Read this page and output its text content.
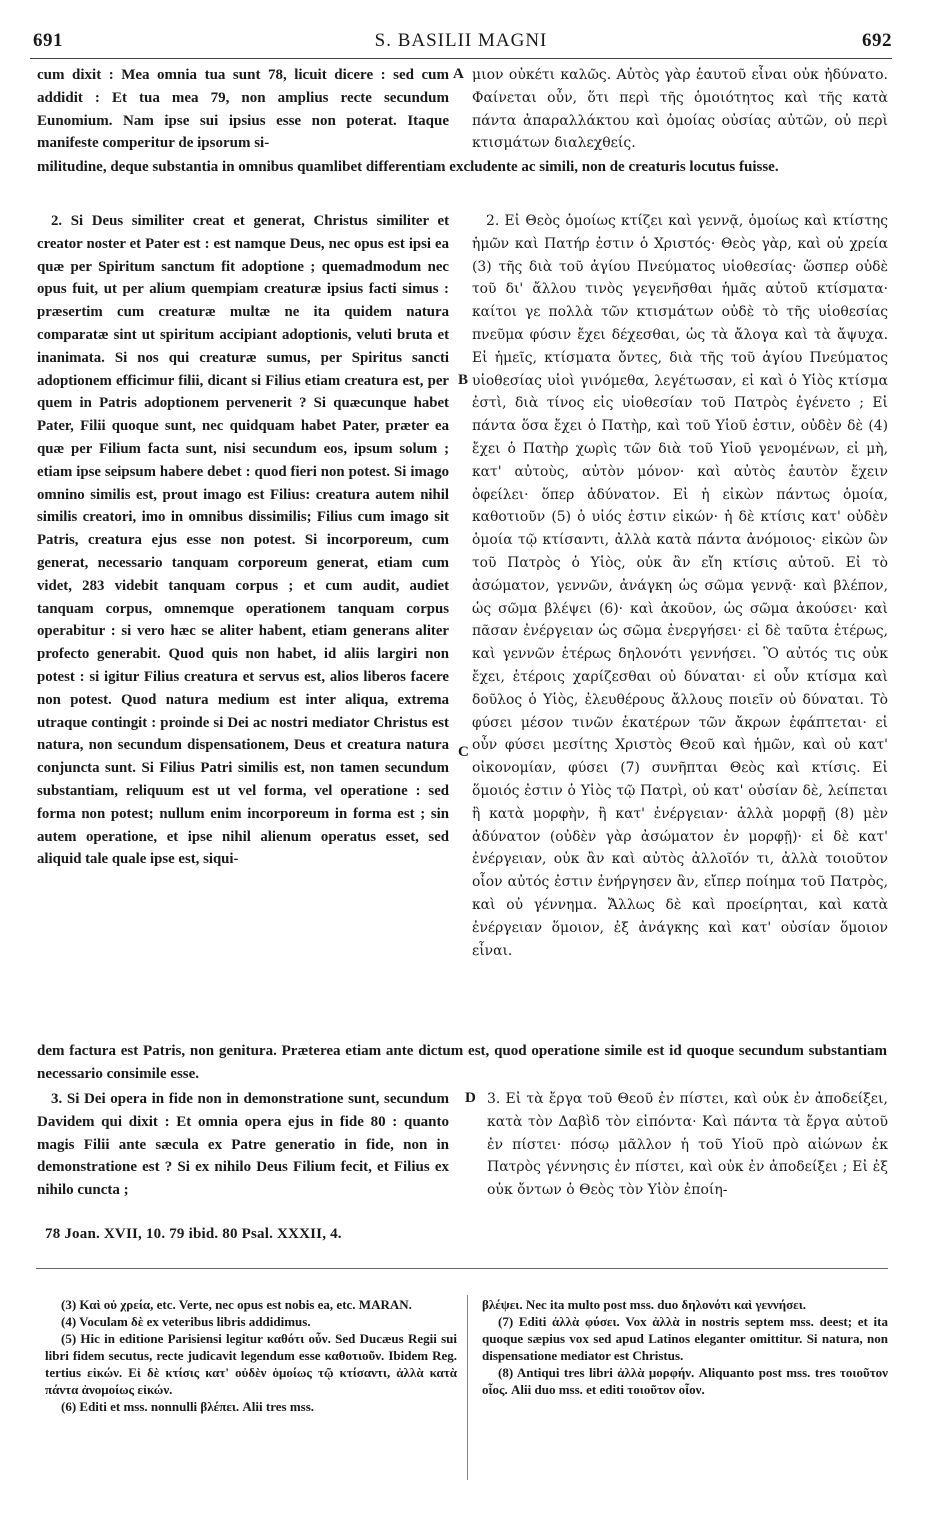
691	S. BASILII MAGNI	692

cum dixit : Mea omnia tua sunt 78, licuit dicere : sed cum addidit : Et tua mea 79, non amplius recte secundum Eunomium. Nam ipse sui ipsius esse non poterat. Itaque manifeste comperitur de ipsorum si-

A μιον οὐκέτι καλῶς. Αὐτὸς γὰρ ἑαυτοῦ εἶναι οὐκ ἠδύνατο. Φαίνεται οὖν, ὅτι περὶ τῆς ὁμοιότητος καὶ τῆς κατὰ πάντα ἀπαραλλάκτου καὶ ὁμοίας οὐσίας αὐτῶν, οὐ περὶ κτισμάτων διαλεχθείς.

militudine, deque substantia in omnibus quamlibet differentiam excludente ac simili, non de creaturis locutus fuisse.

2. Si Deus similiter creat et generat, Christus similiter et creator noster et Pater est : est namque Deus, nec opus est ipsi ea quæ per Spiritum sanctum fit adoptione ; quemadmodum nec opus fuit, ut per alium quempiam creaturæ ipsius facti simus : præsertim cum creaturæ multæ ne ita quidem natura comparatæ sint ut spiritum accipiant adoptionis, veluti bruta et inanimata. Si nos qui creaturæ sumus, per Spiritus sancti adoptionem efficimur filii, dicant si Filius etiam creatura est, per quem in Patris adoptionem pervenerit ? Si quæcunque habet Pater, Filii quoque sunt, nec quidquam habet Pater, præter ea quæ per Filium facta sunt, nisi secundum eos, ipsum solum ; etiam ipse seipsum habere debet : quod fieri non potest. Si imago omnino similis est, prout imago est Filius: creatura autem nihil similis creatori, imo in omnibus dissimilis; Filius cum imago sit Patris, creatura ejus esse non potest. Si incorporeum, cum generat, necessario tanquam corporeum generat, etiam cum videt, 283 videbit tanquam corpus ; et cum audit, audiet tanquam corpus, omnemque operationem tanquam corpus operabitur : si vero hæc se aliter habent, etiam generans aliter profecto generabit. Quod quis non habet, id aliis largiri non potest : si igitur Filius creatura et servus est, alios liberos facere non potest. Quod natura medium est inter aliqua, extrema utraque contingit : proinde si Dei ac nostri mediator Christus est natura, non secundum dispensationem, Deus et creatura natura conjuncta sunt. Si Filius Patri similis est, non tamen secundum substantiam, reliquum est ut vel forma, vel operatione : sed forma non potest; nullum enim incorporeum in forma est ; sin autem operatione, et ipse nihil alienum operatus esset, sed aliquid tale quale ipse est, siqui-

B
C

2. Εἰ Θεὸς ὁμοίως κτίζει καὶ γεννᾷ, ὁμοίως καὶ κτίστης ἡμῶν καὶ Πατήρ ἐστιν ὁ Χριστός· Θεὸς γὰρ, καὶ οὐ χρεία (3) τῆς διὰ τοῦ ἁγίου Πνεύματος υἱοθεσίας· ὥσπερ οὐδὲ τοῦ δι' ἄλλου τινὸς γεγενῆσθαι ἡμᾶς αὐτοῦ κτίσματα· καίτοι γε πολλὰ τῶν κτισμάτων οὐδὲ τὸ τῆς υἱοθεσίας πνεῦμα φύσιν ἔχει δέχεσθαι, ὡς τὰ ἄλογα καὶ τὰ ἄψυχα. Εἰ ἡμεῖς, κτίσματα ὄντες, διὰ τῆς τοῦ ἁγίου Πνεύματος υἱοθεσίας υἱοὶ γινόμεθα, λεγέτωσαν, εἰ καὶ ὁ Υἱὸς κτίσμα ἐστὶ, διὰ τίνος εἰς υἱοθεσίαν τοῦ Πατρὸς ἐγένετο ; Εἰ πάντα ὅσα ἔχει ὁ Πατὴρ, καὶ τοῦ Υἱοῦ ἐστιν, οὐδὲν δὲ (4) ἔχει ὁ Πατὴρ χωρὶς τῶν διὰ τοῦ Υἱοῦ γενομένων, εἰ μὴ, κατ' αὐτοὺς, αὐτὸν μόνον· καὶ αὐτὸς ἑαυτὸν ἔχειν ὀφείλει· ὅπερ ἀδύνατον. Εἰ ἡ εἰκὼν πάντως ὁμοία, καθοτιοῦν (5) ὁ υἱός ἐστιν εἰκών· ἡ δὲ κτίσις κατ' οὐδὲν ὁμοία τῷ κτίσαντι, ἀλλὰ κατὰ πάντα ἀνόμοιος· εἰκὼν ὢν τοῦ Πατρὸς ὁ Υἱὸς, οὐκ ἂν εἴη κτίσις αὐτοῦ. Εἰ τὸ ἀσώματον, γεννῶν, ἀνάγκη ὡς σῶμα γεννᾷ· καὶ βλέπον, ὡς σῶμα βλέψει (6)· καὶ ἀκοῦον, ὡς σῶμα ἀκούσει· καὶ πᾶσαν ἐνέργειαν ὡς σῶμα ἐνεργήσει· εἰ δὲ ταῦτα ἑτέρως, καὶ γεννῶν ἑτέρως δηλονότι γεννήσει. Ὃ αὐτός τις οὐκ ἔχει, ἑτέροις χαρίζεσθαι οὐ δύναται· εἰ οὖν κτίσμα καὶ δοῦλος ὁ Υἱὸς, ἐλευθέρους ἄλλους ποιεῖν οὐ δύναται. Τὸ φύσει μέσον τινῶν ἑκατέρων τῶν ἄκρων ἐφάπτεται· εἰ οὖν φύσει μεσίτης Χριστὸς Θεοῦ καὶ ἡμῶν, καὶ οὐ κατ' οἰκονομίαν, φύσει (7) συνῆπται Θεὸς καὶ κτίσις. Εἰ ὅμοιός ἐστιν ὁ Υἱὸς τῷ Πατρὶ, οὐ κατ' οὐσίαν δὲ, λείπεται ἢ κατὰ μορφὴν, ἢ κατ' ἐνέργειαν· ἀλλὰ μορφῇ (8) μὲν ἀδύνατον (οὐδὲν γὰρ ἀσώματον ἐν μορφῇ)· εἰ δὲ κατ' ἐνέργειαν, οὐκ ἂν καὶ αὐτὸς ἀλλοῖόν τι, ἀλλὰ τοιοῦτον οἷον αὐτός ἐστιν ἐνήργησεν ἂν, εἴπερ ποίημα τοῦ Πατρὸς, καὶ οὐ γέννημα. Ἄλλως δὲ καὶ προείρηται, καὶ κατὰ ἐνέργειαν ὅμοιον, ἐξ ἀνάγκης καὶ κατ' οὐσίαν ὅμοιον εἶναι.

dem factura est Patris, non genitura. Præterea etiam ante dictum est, quod operatione simile est id quoque secundum substantiam necessario consimile esse.

3. Si Dei opera in fide non in demonstratione sunt, secundum Davidem qui dixit : Et omnia opera ejus in fide 80 : quanto magis Filii ante sæcula ex Patre generatio in fide, non in demonstratione est ? Si ex nihilo Deus Filium fecit, et Filius ex nihilo cuncta ;

D 3. Εἰ τὰ ἔργα τοῦ Θεοῦ ἐν πίστει, καὶ οὐκ ἐν ἀποδείξει, κατὰ τὸν Δαβὶδ τὸν εἰπόντα· Καὶ πάντα τὰ ἔργα αὐτοῦ ἐν πίστει· πόσῳ μᾶλλον ἡ τοῦ Υἱοῦ πρὸ αἰώνων ἐκ Πατρὸς γέννησις ἐν πίστει, καὶ οὐκ ἐν ἀποδείξει ; Εἰ ἐξ οὐκ ὄντων ὁ Θεὸς τὸν Υἱὸν ἐποίη-

78 Joan. XVII, 10. 79 ibid. 80 Psal. XXXII, 4.

(3) Καὶ οὐ χρεία, etc. Verte, nec opus est nobis ea, etc. MARAN.

(4) Voculam δὲ ex veteribus libris addidimus.

(5) Hic in editione Parisiensi legitur καθότι οὖν. Sed Ducæus Regii sui libri fidem secutus, recte judicavit legendum esse καθοτιοῦν. Ibidem Reg. tertius εἰκών. Εἰ δὲ κτίσις κατ' οὐδὲν ὁμοίως τῷ κτίσαντι, ἀλλὰ κατὰ πάντα ἀνομοίως εἰκών.

(6) Editi et mss. nonnulli βλέπει. Alii tres mss.

βλέψει. Nec ita multo post mss. duo δηλονότι καὶ γεννήσει.

(7) Editi ἀλλὰ φύσει. Vox ἀλλὰ in nostris septem mss. deest; et ita quoque sæpius vox sed apud Latinos eleganter omittitur. Si natura, non dispensatione mediator est Christus.

(8) Antiqui tres libri ἀλλὰ μορφήν. Aliquanto post mss. tres τοιοῦτον οἷος. Alii duo mss. et editi τοιοῦτον οἷον.
